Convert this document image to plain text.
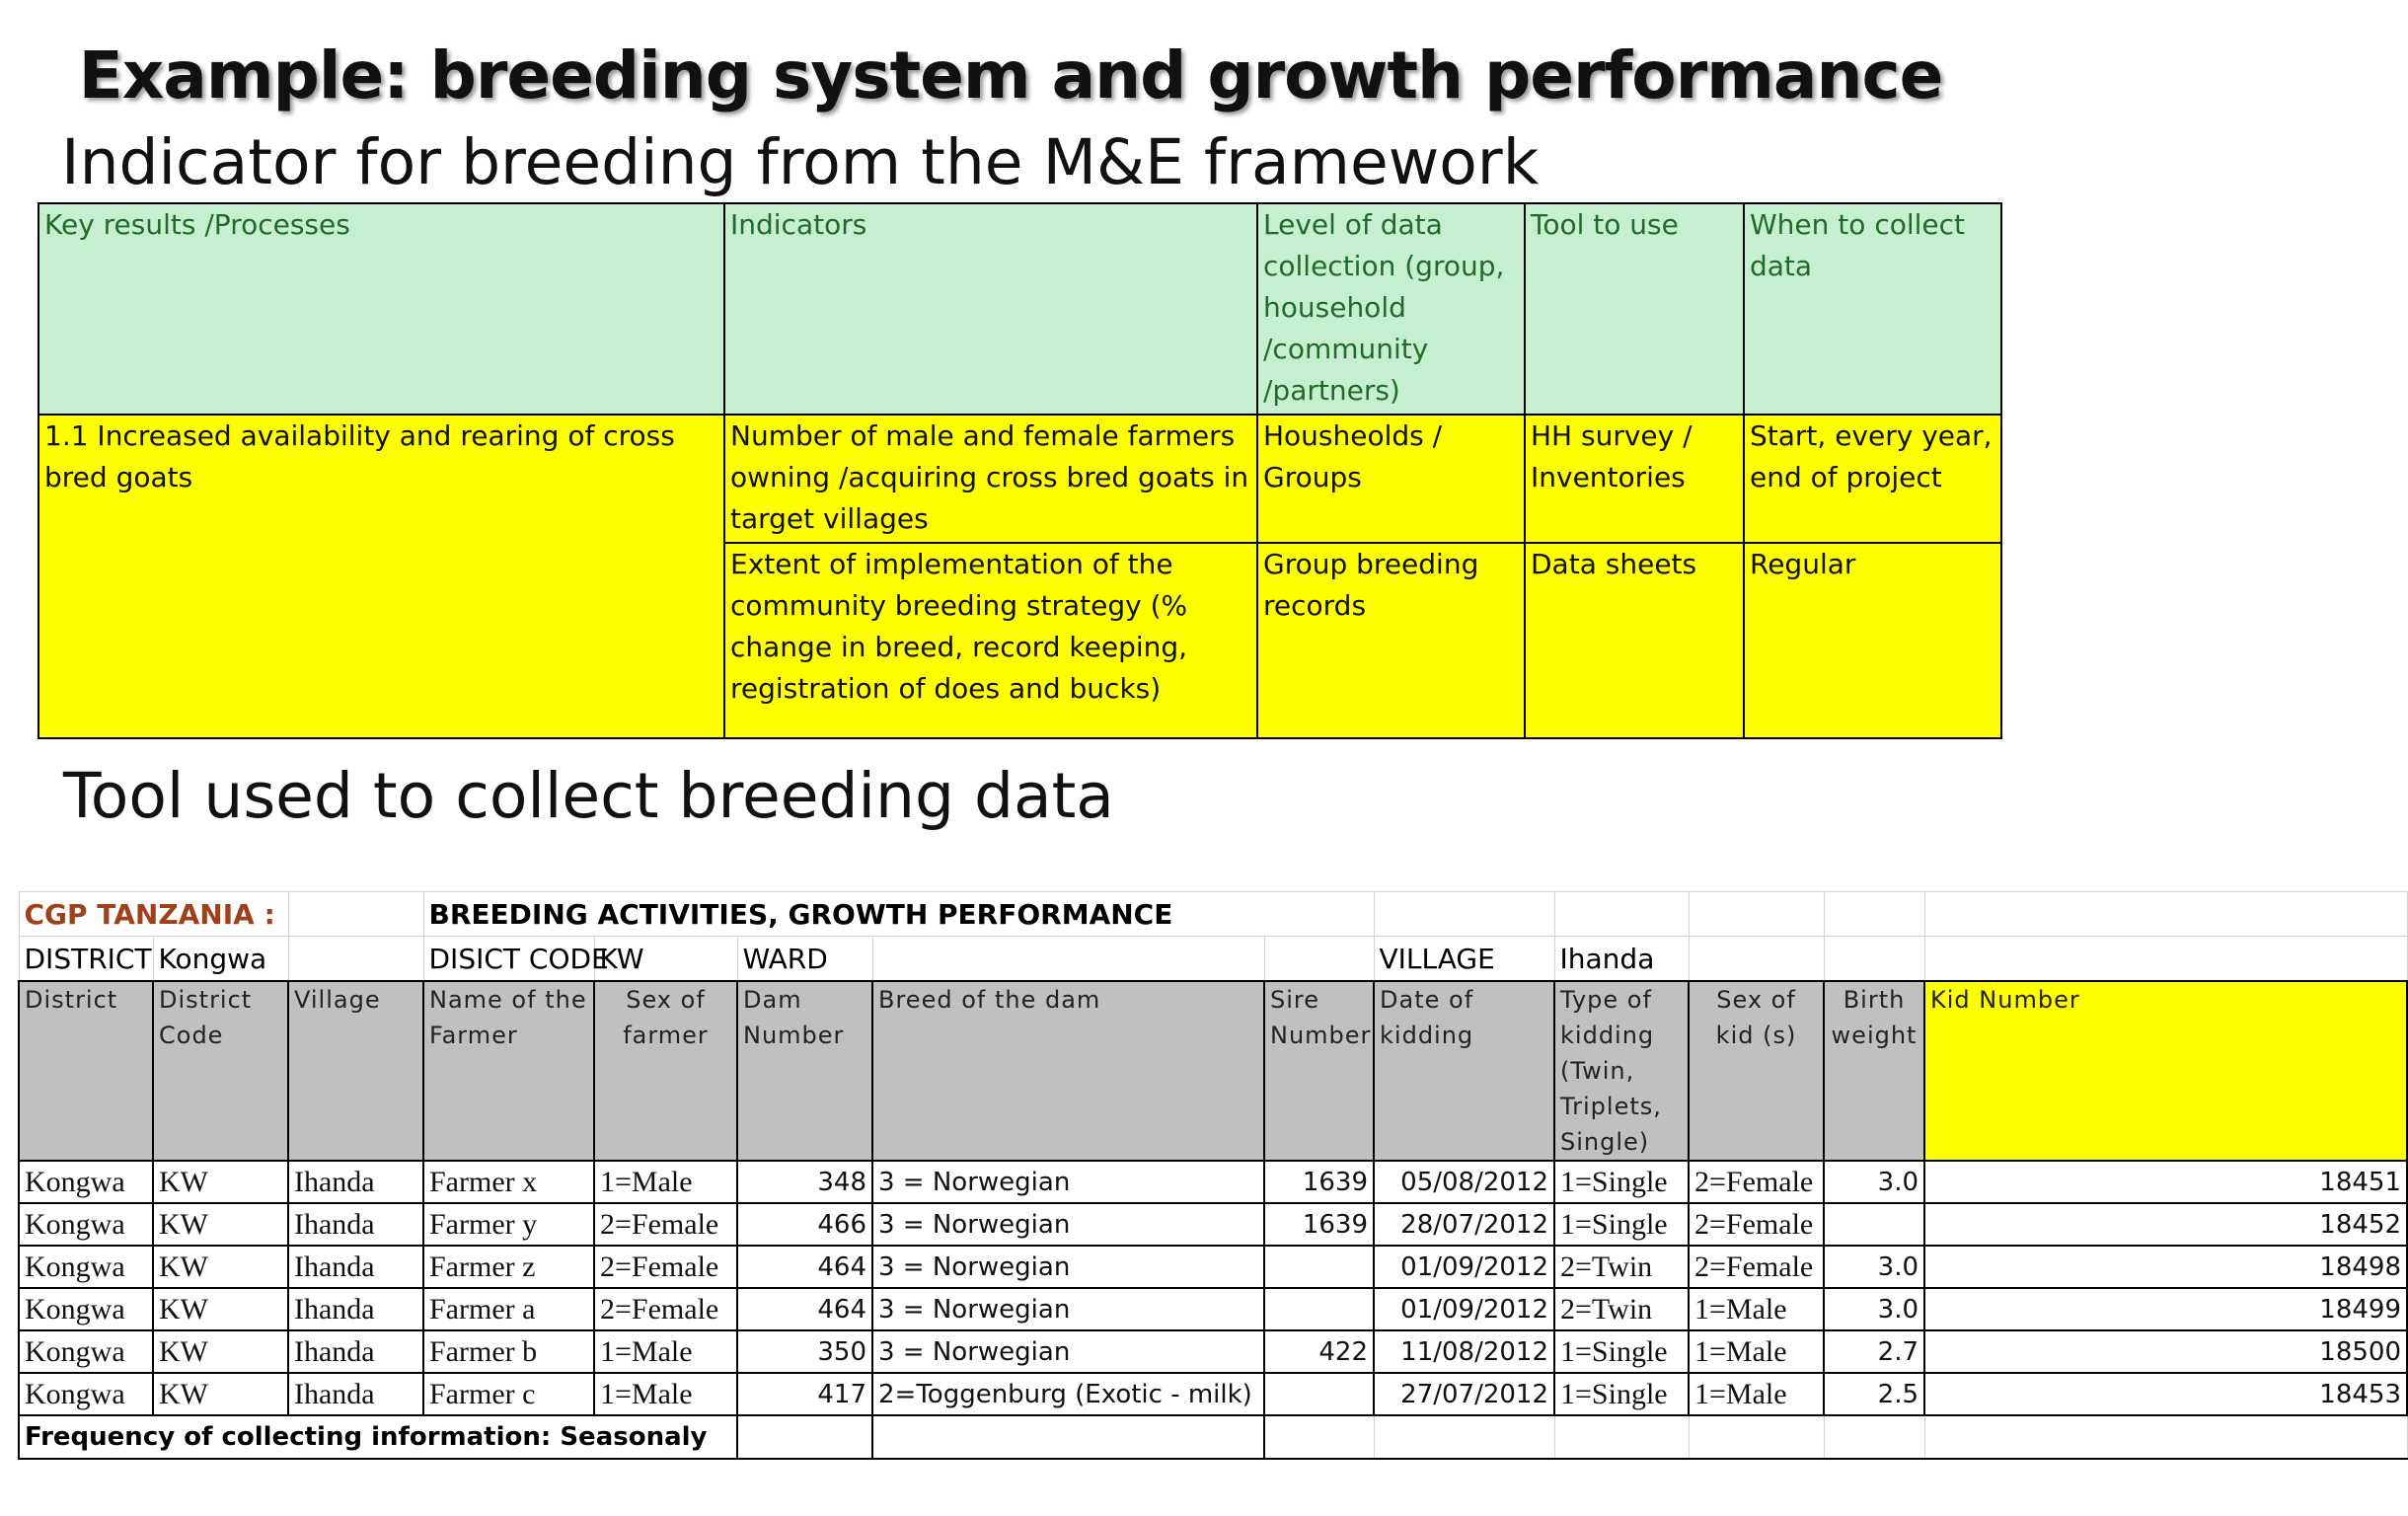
Example: breeding system and growth performance
Indicator for breeding from the M&E framework
Key results /Processes	Indicators	Level of data collection (group, household /community /partners)	Tool to use	When to collect data
1.1 Increased availability and rearing of cross bred goats	Number of male and female farmers owning /acquiring cross bred goats in target villages	Housheolds / Groups	HH survey / Inventories	Start, every year, end of project
	Extent of implementation of the community breeding strategy (% change in breed, record keeping, registration of does and bucks)	Group breeding records	Data sheets	Regular
Tool used to collect breeding data
CGP TANZANIA :			BREEDING ACTIVITIES, GROWTH PERFORMANCE									
DISTRICT	Kongwa		DISICT CODE	KW	WARD			VILLAGE	Ihanda			
District	District Code	Village	Name of the Farmer	Sex of farmer	Dam Number	Breed of the dam	Sire Number	Date of kidding	Type of kidding (Twin, Triplets, Single)	Sex of kid (s)	Birth weight	Kid Number
Kongwa	KW	Ihanda	Farmer x	1=Male	348	3 = Norwegian	1639	05/08/2012	1=Single	2=Female	3.0	18451
Kongwa	KW	Ihanda	Farmer y	2=Female	466	3 = Norwegian	1639	28/07/2012	1=Single	2=Female		18452
Kongwa	KW	Ihanda	Farmer z	2=Female	464	3 = Norwegian		01/09/2012	2=Twin	2=Female	3.0	18498
Kongwa	KW	Ihanda	Farmer a	2=Female	464	3 = Norwegian		01/09/2012	2=Twin	1=Male	3.0	18499
Kongwa	KW	Ihanda	Farmer b	1=Male	350	3 = Norwegian	422	11/08/2012	1=Single	1=Male	2.7	18500
Kongwa	KW	Ihanda	Farmer c	1=Male	417	2=Toggenburg (Exotic - milk)		27/07/2012	1=Single	1=Male	2.5	18453
Frequency of collecting information: Seasonaly												
